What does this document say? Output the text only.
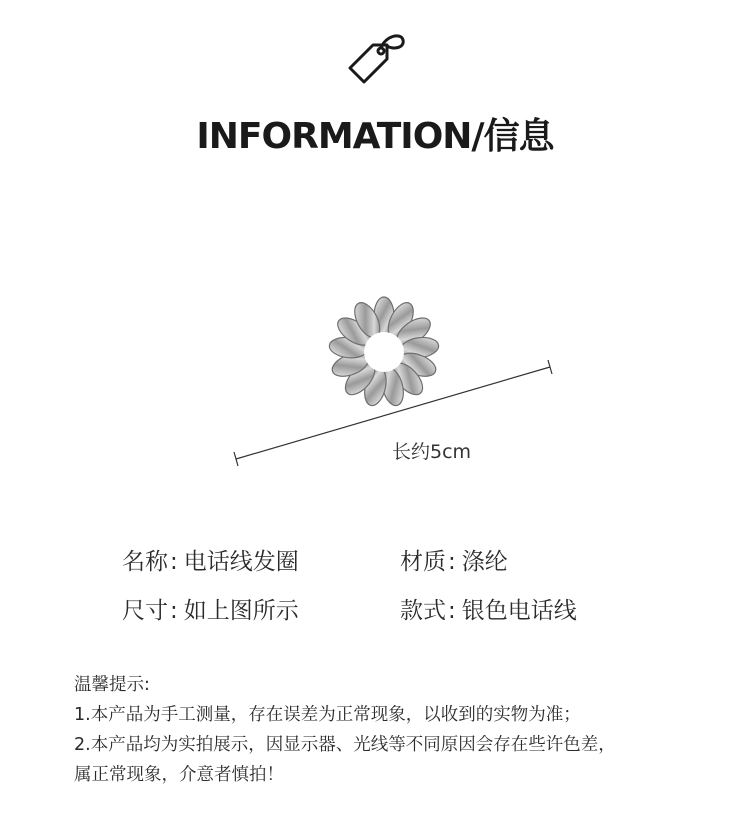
INFORMATION/信息
长约5cm
名称: 电话线发圈	材质: 涤纶
尺寸: 如上图所示	款式: 银色电话线
温馨提示:
1.本产品为手工测量，存在误差为正常现象，以收到的实物为准；
2.本产品均为实拍展示，因显示器、光线等不同原因会存在些许色差，
属正常现象，介意者慎拍！
